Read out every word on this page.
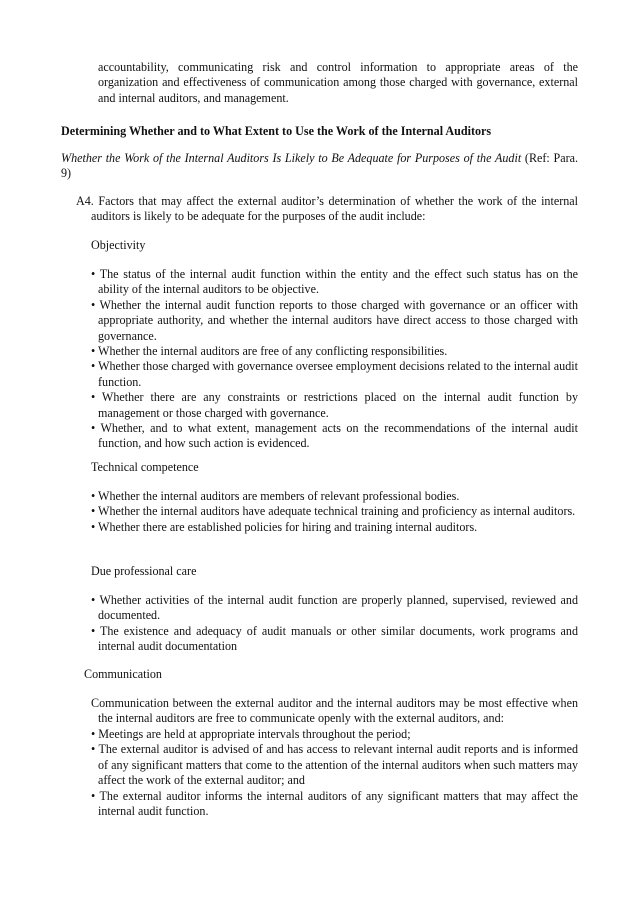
accountability, communicating risk and control information to appropriate areas of the organization and effectiveness of communication among those charged with governance, external and internal auditors, and management.
Determining Whether and to What Extent to Use the Work of the Internal Auditors
Whether the Work of the Internal Auditors Is Likely to Be Adequate for Purposes of the Audit (Ref: Para. 9)
A4. Factors that may affect the external auditor’s determination of whether the work of the internal auditors is likely to be adequate for the purposes of the audit include:
Objectivity
• The status of the internal audit function within the entity and the effect such status has on the ability of the internal auditors to be objective.
• Whether the internal audit function reports to those charged with governance or an officer with appropriate authority, and whether the internal auditors have direct access to those charged with governance.
• Whether the internal auditors are free of any conflicting responsibilities.
• Whether those charged with governance oversee employment decisions related to the internal audit function.
• Whether there are any constraints or restrictions placed on the internal audit function by management or those charged with governance.
• Whether, and to what extent, management acts on the recommendations of the internal audit function, and how such action is evidenced.
Technical competence
• Whether the internal auditors are members of relevant professional bodies.
• Whether the internal auditors have adequate technical training and proficiency as internal auditors.
• Whether there are established policies for hiring and training internal auditors.
Due professional care
• Whether activities of the internal audit function are properly planned, supervised, reviewed and documented.
• The existence and adequacy of audit manuals or other similar documents, work programs and internal audit documentation
Communication
Communication between the external auditor and the internal auditors may be most effective when the internal auditors are free to communicate openly with the external auditors, and:
• Meetings are held at appropriate intervals throughout the period;
• The external auditor is advised of and has access to relevant internal audit reports and is informed of any significant matters that come to the attention of the internal auditors when such matters may affect the work of the external auditor; and
• The external auditor informs the internal auditors of any significant matters that may affect the internal audit function.
